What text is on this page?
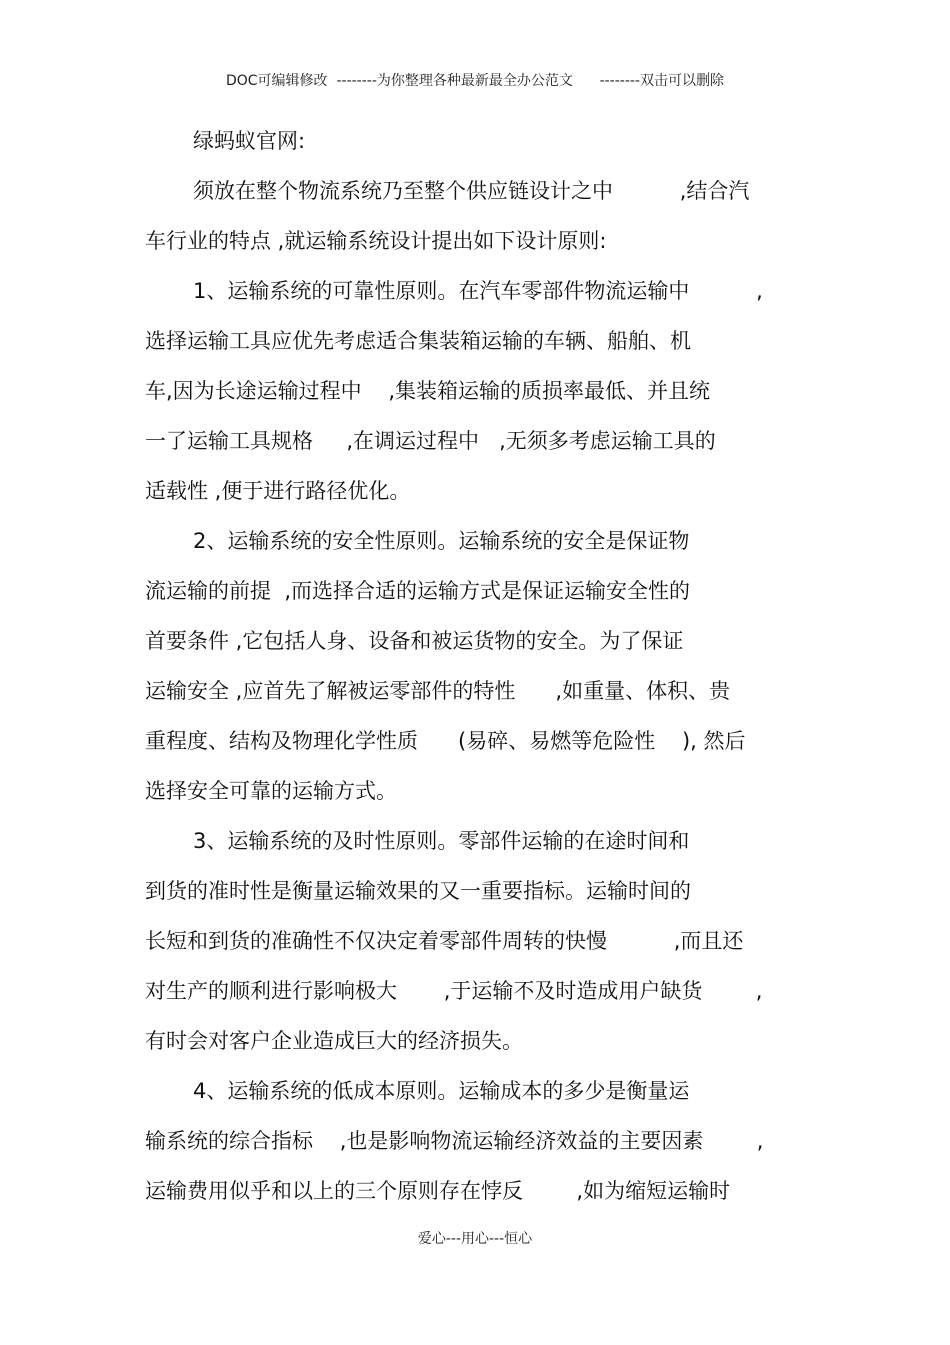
DOC可编辑修改  --------为你整理各种最新最全办公范文      --------双击可以删除
绿蚂蚁官网:
须放在整个物流系统乃至整个供应链设计之中          ,结合汽
车行业的特点 ,就运输系统设计提出如下设计原则:
1、运输系统的可靠性原则。在汽车零部件物流运输中          ,
选择运输工具应优先考虑适合集装箱运输的车辆、船舶、机
车,因为长途运输过程中    ,集装箱运输的质损率最低、并且统
一了运输工具规格     ,在调运过程中   ,无须多考虑运输工具的
适载性 ,便于进行路径优化。
2、运输系统的安全性原则。运输系统的安全是保证物
流运输的前提  ,而选择合适的运输方式是保证运输安全性的
首要条件 ,它包括人身、设备和被运货物的安全。为了保证
运输安全 ,应首先了解被运零部件的特性      ,如重量、体积、贵
重程度、结构及物理化学性质      (易碎、易燃等危险性    ), 然后
选择安全可靠的运输方式。
3、运输系统的及时性原则。零部件运输的在途时间和
到货的准时性是衡量运输效果的又一重要指标。运输时间的
长短和到货的准确性不仅决定着零部件周转的快慢          ,而且还
对生产的顺利进行影响极大       ,于运输不及时造成用户缺货        ,
有时会对客户企业造成巨大的经济损失。
4、运输系统的低成本原则。运输成本的多少是衡量运
输系统的综合指标    ,也是影响物流运输经济效益的主要因素        ,
运输费用似乎和以上的三个原则存在悖反        ,如为缩短运输时
爱心---用心---恒心
